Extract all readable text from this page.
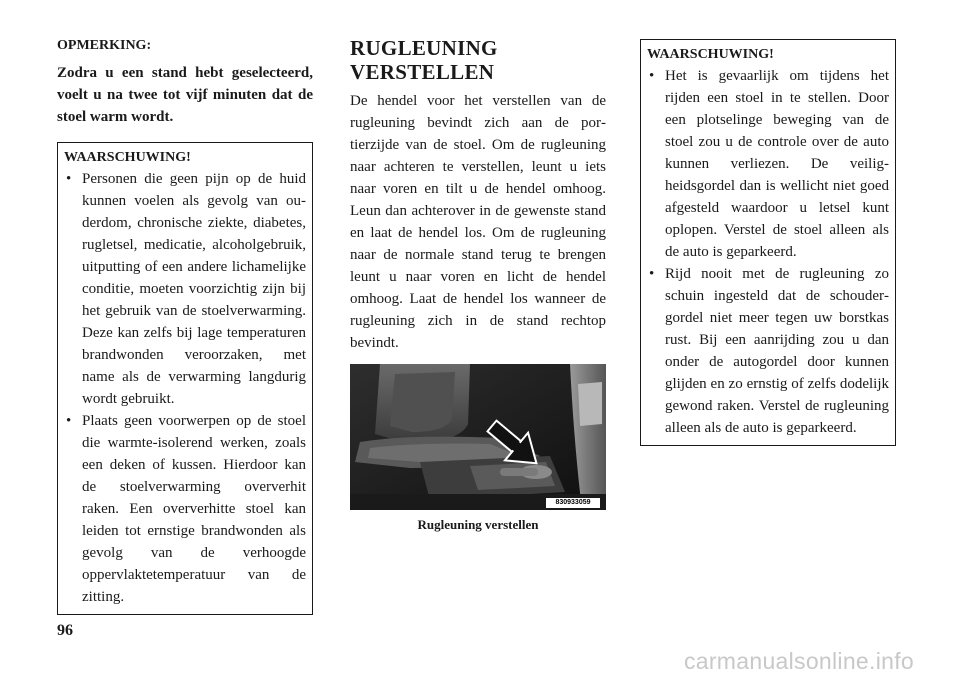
OPMERKING:
Zodra u een stand hebt geselecteerd, voelt u na twee tot vijf minuten dat de stoel warm wordt.
WAARSCHUWING!
• Personen die geen pijn op de huid kunnen voelen als gevolg van ouderdom, chronische ziekte, diabetes, rugletsel, medicatie, alcoholgebruik, uitputting of een andere lichamelijke conditie, moeten voorzichtig zijn bij het gebruik van de stoelverwarming. Deze kan zelfs bij lage temperaturen brandwonden veroorzaken, met name als de verwarming langdurig wordt gebruikt.
• Plaats geen voorwerpen op de stoel die warmte-isolerend werken, zoals een deken of kussen. Hierdoor kan de stoelverwarming oververhit raken. Een oververhitte stoel kan leiden tot ernstige brandwonden als gevolg van de verhoogde oppervlaktetemperatuur van de zitting.
RUGLEUNING
VERSTELLEN
De hendel voor het verstellen van de rugleuning bevindt zich aan de portierzijde van de stoel. Om de rugleuning naar achteren te verstellen, leunt u iets naar voren en tilt u de hendel omhoog. Leun dan achterover in de gewenste stand en laat de hendel los. Om de rugleuning naar de normale stand terug te brengen leunt u naar voren en licht de hendel omhoog. Laat de hendel los wanneer de rugleuning zich in de stand rechtop bevindt.
830933059
Rugleuning verstellen
WAARSCHUWING!
• Het is gevaarlijk om tijdens het rijden een stoel in te stellen. Door een plotselinge beweging van de stoel zou u de controle over de auto kunnen verliezen. De veiligheidsgordel dan is wellicht niet goed afgesteld waardoor u letsel kunt oplopen. Verstel de stoel alleen als de auto is geparkeerd.
• Rijd nooit met de rugleuning zo schuin ingesteld dat de schoudergordel niet meer tegen uw borstkas rust. Bij een aanrijding zou u dan onder de autogordel door kunnen glijden en zo ernstig of zelfs dodelijk gewond raken. Verstel de rugleuning alleen als de auto is geparkeerd.
96
carmanualsonline.info
